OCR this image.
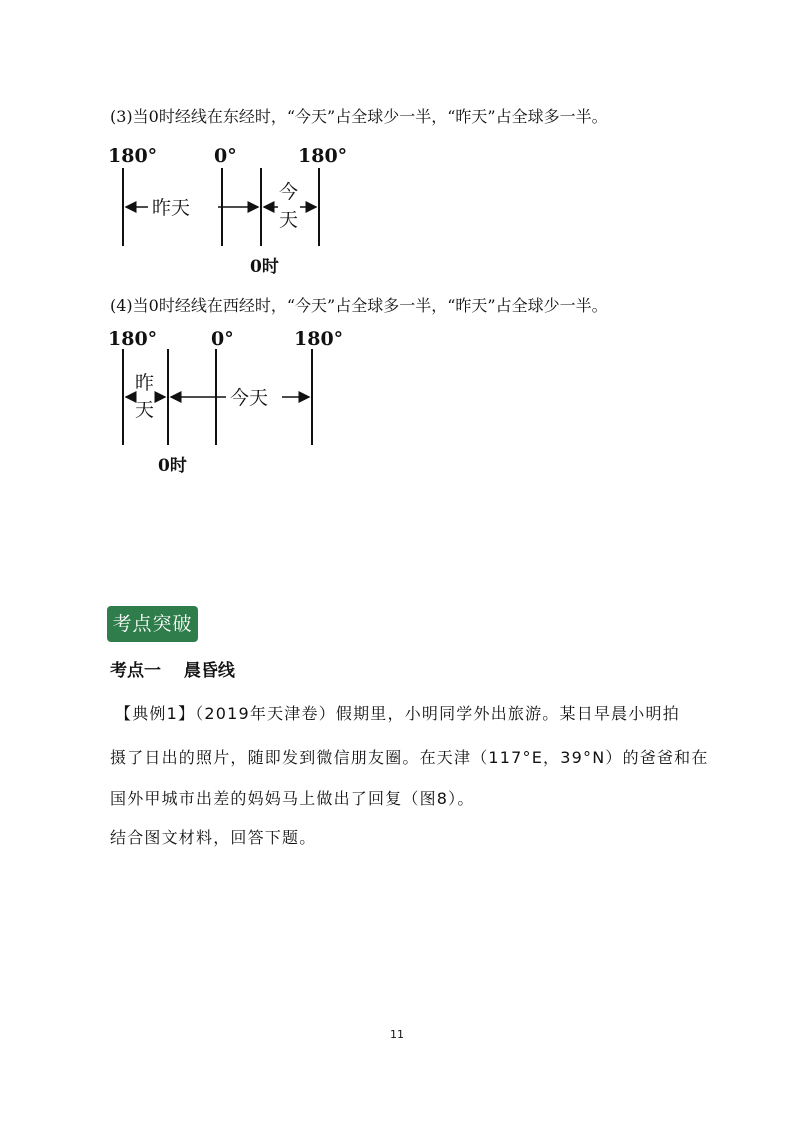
(3)当0时经线在东经时，“今天”占全球少一半，“昨天”占全球多一半。
180°	0°	180°
昨天
今
天
0时
(4)当0时经线在西经时，“今天”占全球多一半，“昨天”占全球少一半。
180°	0°	180°
昨
天
今天
0时
考点突破
考点一　 晨昏线
【典例1】（2019年天津卷）假期里，小明同学外出旅游。某日早晨小明拍
摄了日出的照片，随即发到微信朋友圈。在天津（117°E，39°N）的爸爸和在
国外甲城市出差的妈妈马上做出了回复（图8）。
结合图文材料，回答下题。
11
